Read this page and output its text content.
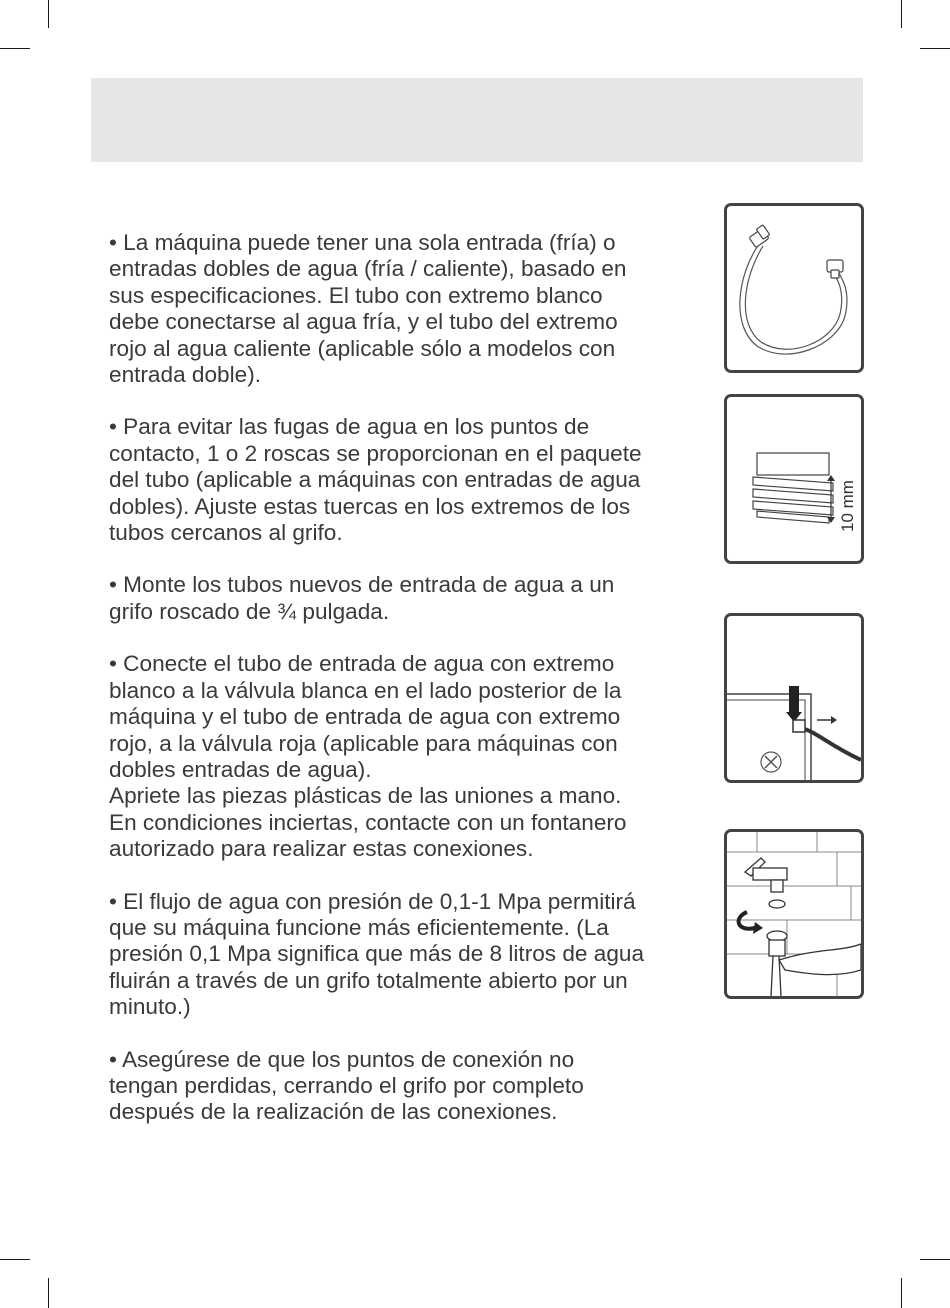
• La máquina puede tener una sola entrada (fría) o
entradas dobles de agua (fría / caliente), basado en
sus especificaciones. El tubo con extremo blanco
debe conectarse al agua fría, y el tubo del extremo
rojo al agua caliente (aplicable sólo a modelos con
entrada doble).

• Para evitar las fugas de agua en los puntos de
contacto, 1 o 2 roscas se proporcionan en el paquete
del tubo (aplicable a máquinas con entradas de agua
dobles). Ajuste estas tuercas en los extremos de los
tubos cercanos al grifo.

• Monte los tubos nuevos de entrada de agua a un
grifo roscado de ¾ pulgada.

• Conecte el tubo de entrada de agua con extremo
blanco a la válvula blanca en el lado posterior de la
máquina y el tubo de entrada de agua con extremo
rojo, a la válvula roja (aplicable para máquinas con
dobles entradas de agua).
Apriete las piezas plásticas de las uniones a mano.
En condiciones inciertas, contacte con un fontanero
autorizado para realizar estas conexiones.

• El flujo de agua con presión de 0,1-1 Mpa permitirá
que su máquina funcione más eficientemente. (La
presión 0,1 Mpa significa que más de 8 litros de agua
fluirán a través de un grifo totalmente abierto por un
minuto.)

• Asegúrese de que los puntos de conexión no
tengan perdidas, cerrando el grifo por completo
después de la realización de las conexiones.

10 mm
